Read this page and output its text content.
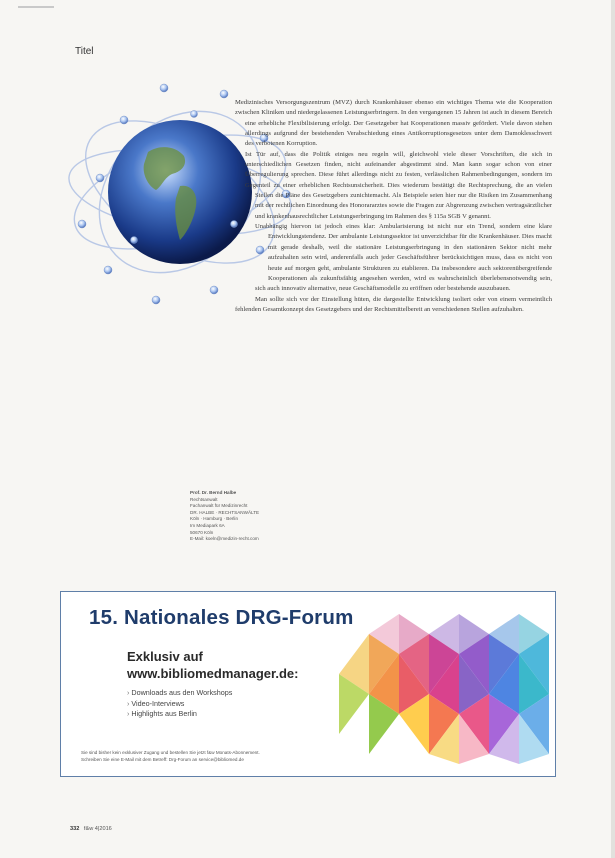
Titel

Medizinisches Versorgungszentrum (MVZ) durch Krankenhäuser ebenso ein wichtiges Thema wie die Kooperation zwischen Kliniken und niedergelassenen Leistungserbringern. In den vergangenen 15 Jahren ist auch in diesem Bereich eine erhebliche Flexibilisierung erfolgt. Der Gesetzgeber hat Kooperationen massiv gefördert. Viele davon stehen allerdings aufgrund der bestehenden Verabschiedung eines Antikorruptionsgesetzes unter dem Damoklesschwert des verbotenen Korruption.

Ist Tür auf, dass die Politik einiges neu regeln will, gleichwohl viele dieser Vorschriften, die sich in unterschiedlichen Gesetzen finden, nicht aufeinander abgestimmt sind. Man kann sogar schon von einer Überregulierung sprechen. Diese führt allerdings nicht zu festen, verlässlichen Rahmenbedingungen, sondern im Gegenteil zu einer erheblichen Rechtsunsicherheit. Dies wiederum bestätigt die Rechtsprechung, die an vielen Stellen die Pläne des Gesetzgebers zunichtemacht. Als Beispiele seien hier nur die Risiken im Zusammenhang mit der rechtlichen Einordnung des Honorararztes sowie die Fragen zur Abgrenzung zwischen vertragsärztlicher und krankenhausrechtlicher Leistungserbringung im Rahmen des § 115a SGB V genannt.

Unabhängig hiervon ist jedoch eines klar: Ambularisierung ist nicht nur ein Trend, sondern eine klare Entwicklungstendenz. Der ambulante Leistungssektor ist unverzichtbar für die Krankenhäuser. Dies macht mit gerade deshalb, weil die stationäre Leistungserbringung in den stationären Sektor nicht mehr aufzuhalten sein wird, anderenfalls auch jeder Geschäftsführer berücksichtigen muss, dass es nicht von heute auf morgen geht, ambulante Strukturen zu etablieren. Da insbesondere auch sektorenübergreifende Kooperationen als zukunftsfähig angesehen werden, wird es wahrscheinlich überlebensnotwendig sein, sich auch innovativ alternative, neue Geschäftsmodelle zu eröffnen oder bestehende auszubauen.

Man sollte sich vor der Einstellung hüten, die dargestellte Entwicklung isoliert oder von einem vermeintlich fehlenden Gesamtkonzept des Gesetzgebers und der Rechtsmittelbereit an verschiedenen Stellen aufzuhalten.

Prof. Dr. Bernd Halbe
Rechtsanwalt
Fachanwalt für Medizinrecht
DR. HALBE · RECHTSANWÄLTE
Köln · Hamburg · Berlin
Im Mediapark 6A
50670 Köln
E-Mail: koeln@medizin-recht.com
15. Nationales DRG-Forum
Exklusiv auf
www.bibliomedmanager.de:
› Downloads aus den Workshops
› Video-Interviews
› Highlights aus Berlin
Sie sind bisher kein exklusiver Zugang und bestellen Sie jetzt f&w Monats-Abonnement.
Schreiben Sie eine E-Mail mit dem Betreff: Drg-Forum an service@bibliomed.de
332 f&w 4|2016
